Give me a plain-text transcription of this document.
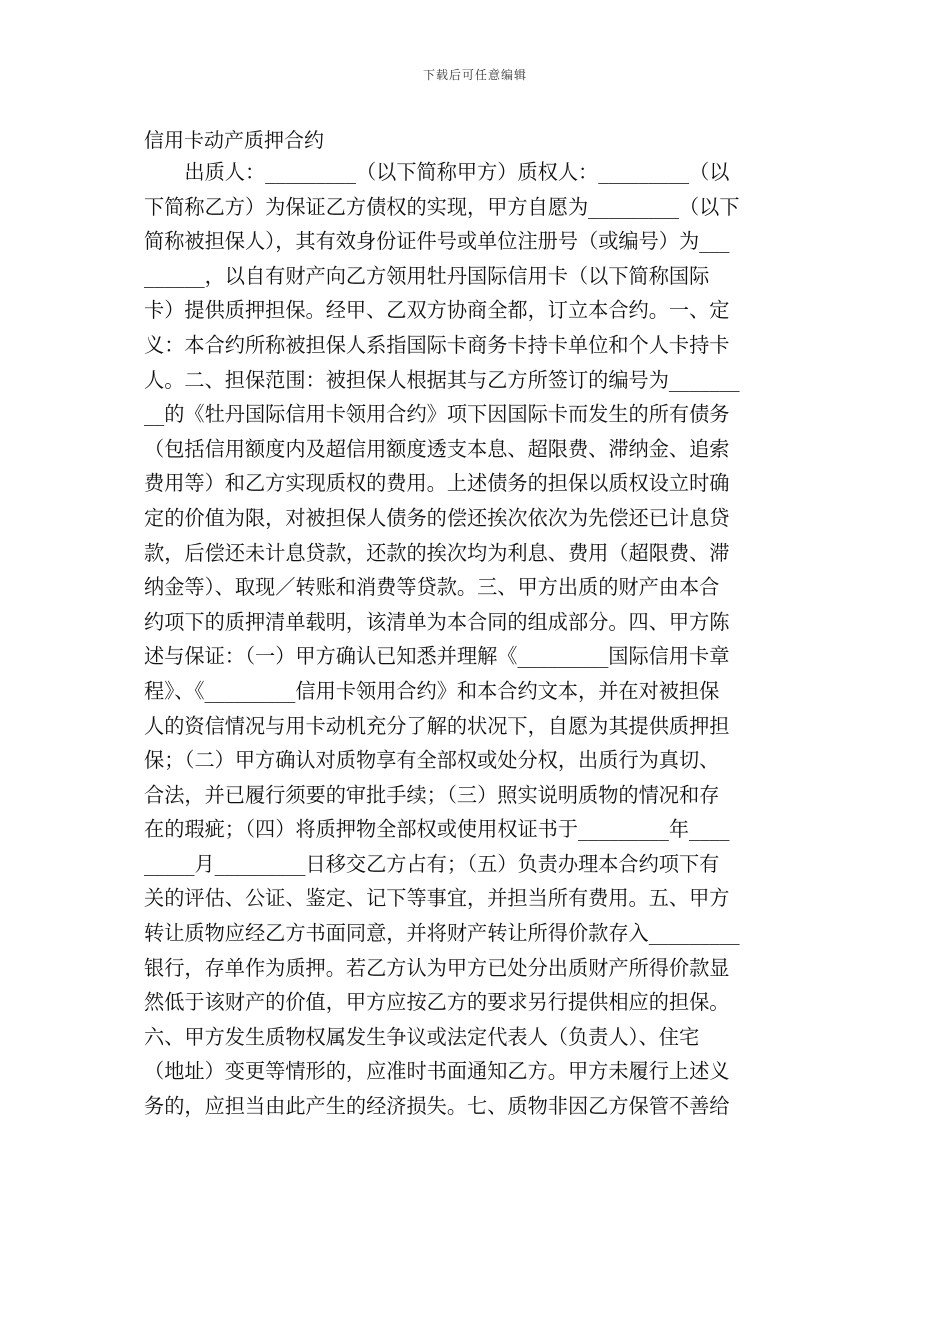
下载后可任意编辑
信用卡动产质押合约
　　出质人：_________（以下简称甲方）质权人：_________（以
下简称乙方）为保证乙方债权的实现，甲方自愿为_________（以下
简称被担保人），其有效身份证件号或单位注册号（或编号）为___
______，以自有财产向乙方领用牡丹国际信用卡（以下简称国际
卡）提供质押担保。经甲、乙双方协商全都，订立本合约。一、定
义：本合约所称被担保人系指国际卡商务卡持卡单位和个人卡持卡
人。二、担保范围：被担保人根据其与乙方所签订的编号为_______
__的《牡丹国际信用卡领用合约》项下因国际卡而发生的所有债务
（包括信用额度内及超信用额度透支本息、超限费、滞纳金、追索
费用等）和乙方实现质权的费用。上述债务的担保以质权设立时确
定的价值为限，对被担保人债务的偿还挨次依次为先偿还已计息贷
款，后偿还未计息贷款，还款的挨次均为利息、费用（超限费、滞
纳金等）、取现／转账和消费等贷款。三、甲方出质的财产由本合
约项下的质押清单载明，该清单为本合同的组成部分。四、甲方陈
述与保证：（一）甲方确认已知悉并理解《_________国际信用卡章
程》、《_________信用卡领用合约》和本合约文本，并在对被担保
人的资信情况与用卡动机充分了解的状况下，自愿为其提供质押担
保；（二）甲方确认对质物享有全部权或处分权，出质行为真切、
合法，并已履行须要的审批手续；（三）照实说明质物的情况和存
在的瑕疵；（四）将质押物全部权或使用权证书于_________年____
_____月_________日移交乙方占有；（五）负责办理本合约项下有
关的评估、公证、鉴定、记下等事宜，并担当所有费用。五、甲方
转让质物应经乙方书面同意，并将财产转让所得价款存入_________
银行，存单作为质押。若乙方认为甲方已处分出质财产所得价款显
然低于该财产的价值，甲方应按乙方的要求另行提供相应的担保。
六、甲方发生质物权属发生争议或法定代表人（负责人）、住宅
（地址）变更等情形的，应准时书面通知乙方。甲方未履行上述义
务的，应担当由此产生的经济损失。七、质物非因乙方保管不善给
